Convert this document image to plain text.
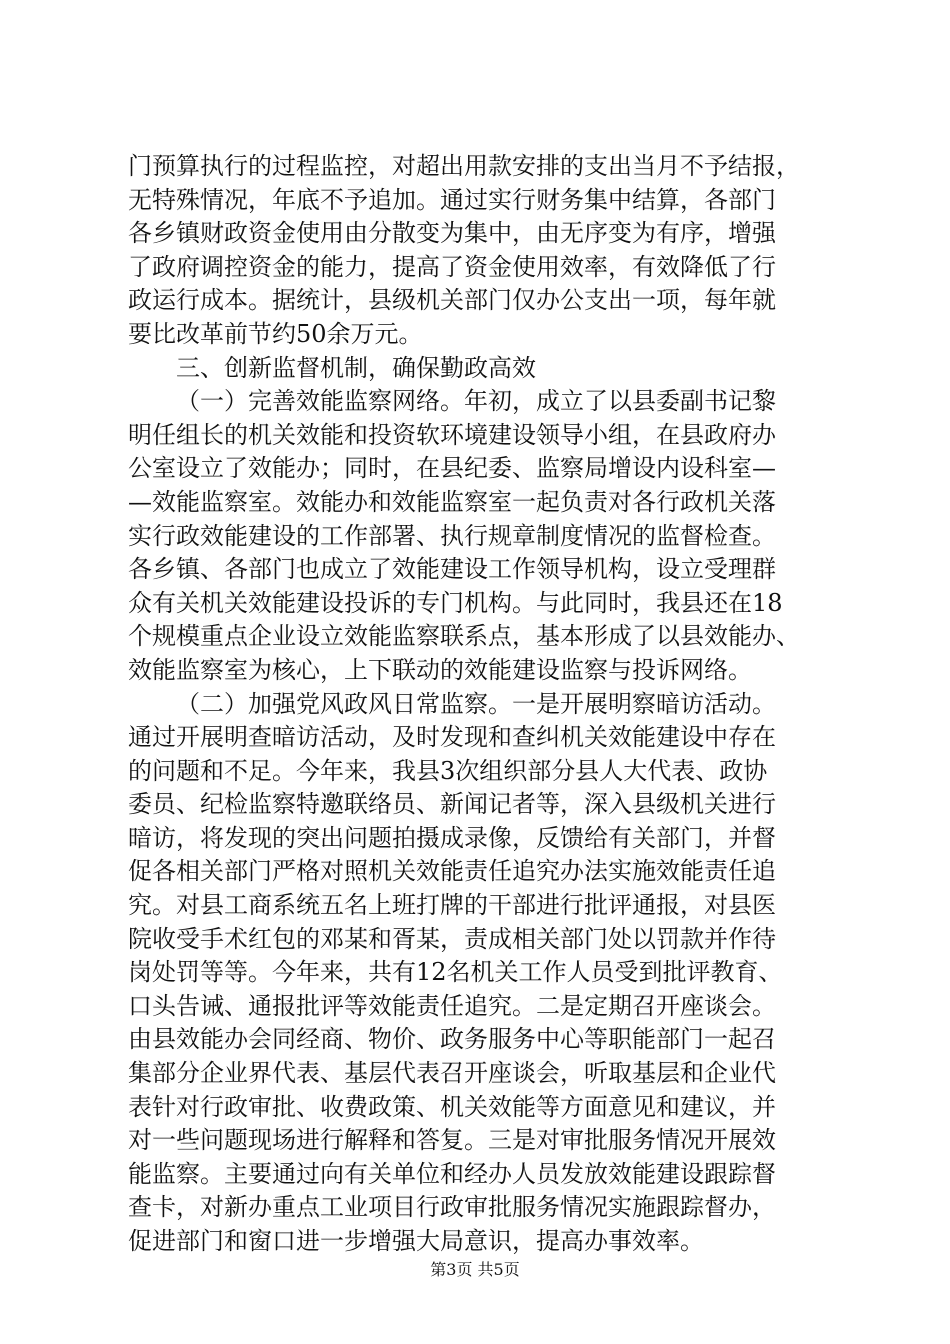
门预算执行的过程监控，对超出用款安排的支出当月不予结报，
无特殊情况，年底不予追加。通过实行财务集中结算，各部门
各乡镇财政资金使用由分散变为集中，由无序变为有序，增强
了政府调控资金的能力，提高了资金使用效率，有效降低了行
政运行成本。据统计，县级机关部门仅办公支出一项，每年就
要比改革前节约50余万元。
三、创新监督机制，确保勤政高效
（一）完善效能监察网络。年初，成立了以县委副书记黎
明任组长的机关效能和投资软环境建设领导小组，在县政府办
公室设立了效能办；同时，在县纪委、监察局增设内设科室—
—效能监察室。效能办和效能监察室一起负责对各行政机关落
实行政效能建设的工作部署、执行规章制度情况的监督检查。
各乡镇、各部门也成立了效能建设工作领导机构，设立受理群
众有关机关效能建设投诉的专门机构。与此同时，我县还在18
个规模重点企业设立效能监察联系点，基本形成了以县效能办、
效能监察室为核心，上下联动的效能建设监察与投诉网络。
（二）加强党风政风日常监察。一是开展明察暗访活动。
通过开展明查暗访活动，及时发现和查纠机关效能建设中存在
的问题和不足。今年来，我县3次组织部分县人大代表、政协
委员、纪检监察特邀联络员、新闻记者等，深入县级机关进行
暗访，将发现的突出问题拍摄成录像，反馈给有关部门，并督
促各相关部门严格对照机关效能责任追究办法实施效能责任追
究。对县工商系统五名上班打牌的干部进行批评通报，对县医
院收受手术红包的邓某和胥某，责成相关部门处以罚款并作待
岗处罚等等。今年来，共有12名机关工作人员受到批评教育、
口头告诫、通报批评等效能责任追究。二是定期召开座谈会。
由县效能办会同经商、物价、政务服务中心等职能部门一起召
集部分企业界代表、基层代表召开座谈会，听取基层和企业代
表针对行政审批、收费政策、机关效能等方面意见和建议，并
对一些问题现场进行解释和答复。三是对审批服务情况开展效
能监察。主要通过向有关单位和经办人员发放效能建设跟踪督
查卡，对新办重点工业项目行政审批服务情况实施跟踪督办，
促进部门和窗口进一步增强大局意识，提高办事效率。
第3页 共5页
